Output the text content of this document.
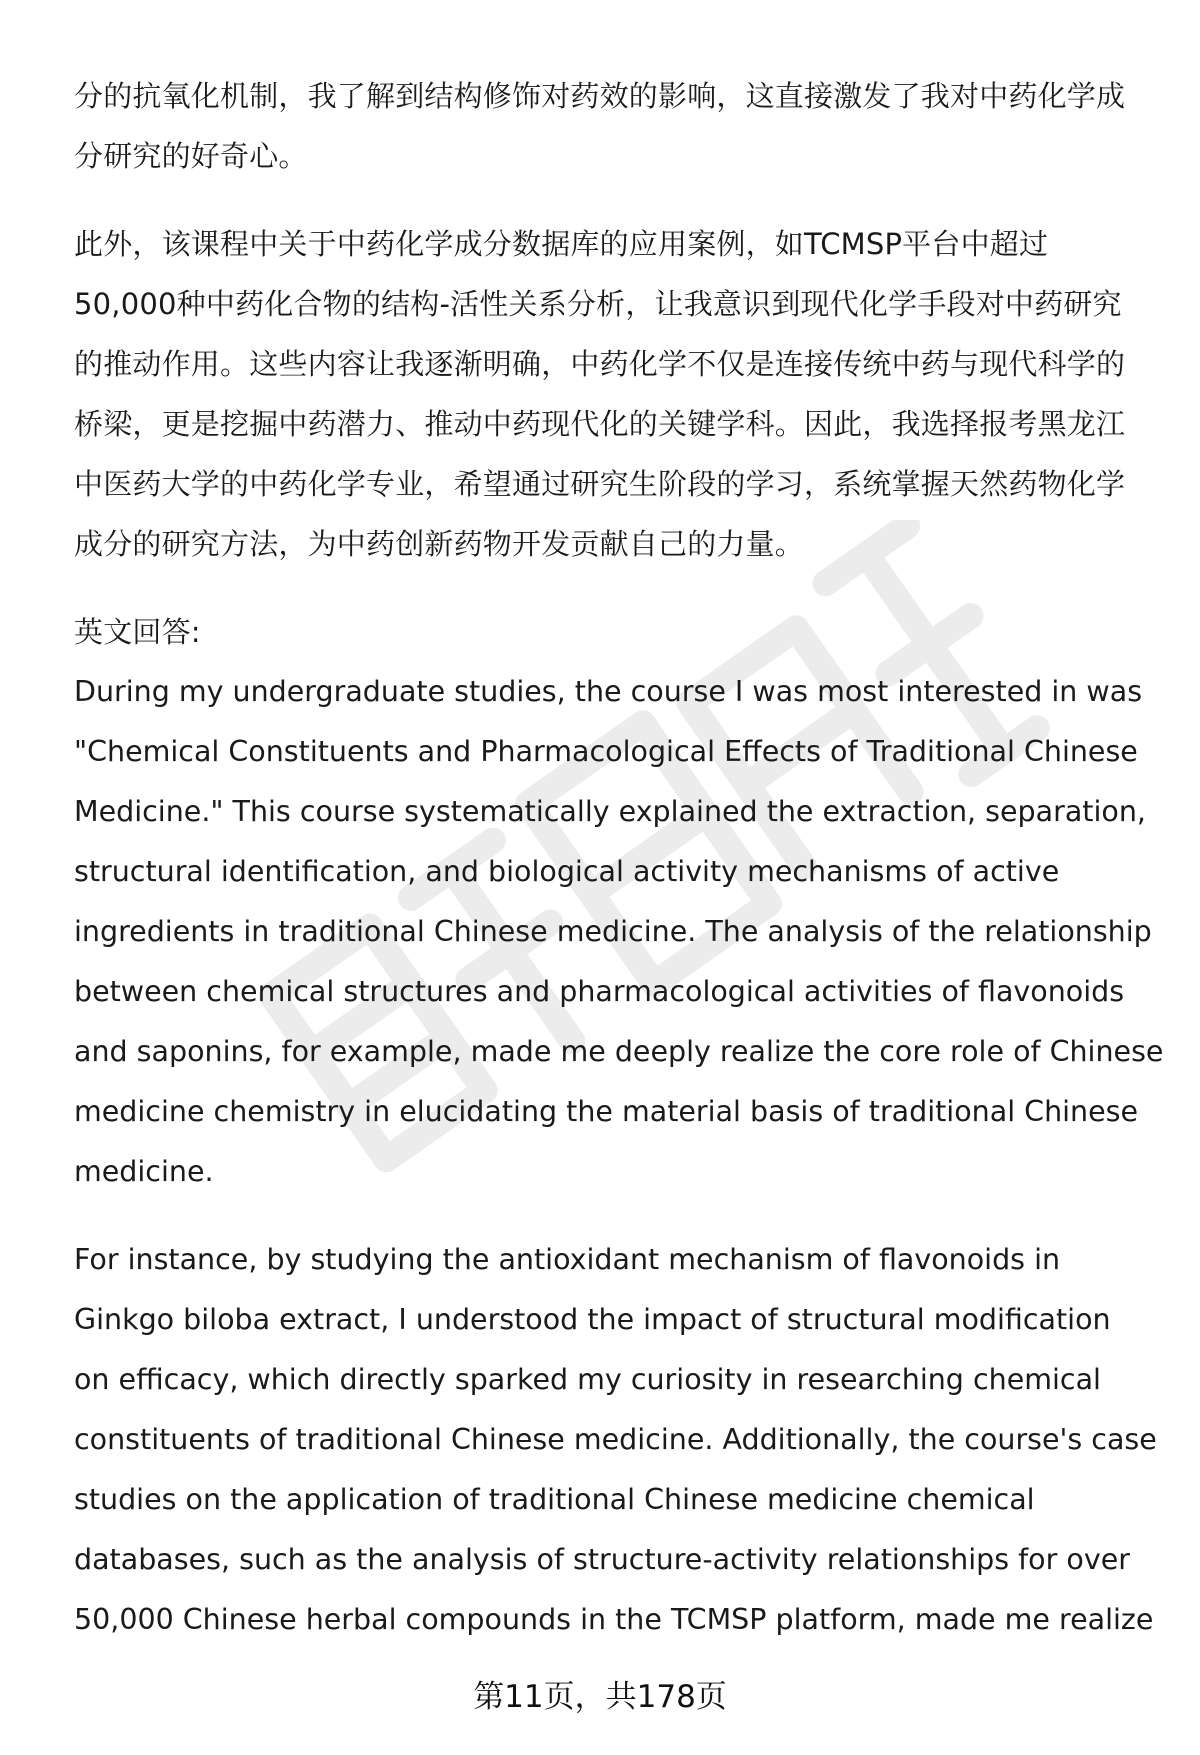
分的抗氧化机制，我了解到结构修饰对药效的影响，这直接激发了我对中药化学成
分研究的好奇心。

此外，该课程中关于中药化学成分数据库的应用案例，如TCMSP平台中超过
50,000种中药化合物的结构-活性关系分析，让我意识到现代化学手段对中药研究
的推动作用。这些内容让我逐渐明确，中药化学不仅是连接传统中药与现代科学的
桥梁，更是挖掘中药潜力、推动中药现代化的关键学科。因此，我选择报考黑龙江
中医药大学的中药化学专业，希望通过研究生阶段的学习，系统掌握天然药物化学
成分的研究方法，为中药创新药物开发贡献自己的力量。

英文回答:

During my undergraduate studies, the course I was most interested in was
"Chemical Constituents and Pharmacological Effects of Traditional Chinese
Medicine." This course systematically explained the extraction, separation,
structural identification, and biological activity mechanisms of active
ingredients in traditional Chinese medicine. The analysis of the relationship
between chemical structures and pharmacological activities of flavonoids
and saponins, for example, made me deeply realize the core role of Chinese
medicine chemistry in elucidating the material basis of traditional Chinese
medicine.

For instance, by studying the antioxidant mechanism of flavonoids in
Ginkgo biloba extract, I understood the impact of structural modification
on efficacy, which directly sparked my curiosity in researching chemical
constituents of traditional Chinese medicine. Additionally, the course's case
studies on the application of traditional Chinese medicine chemical
databases, such as the analysis of structure-activity relationships for over
50,000 Chinese herbal compounds in the TCMSP platform, made me realize

第11页，共178页
